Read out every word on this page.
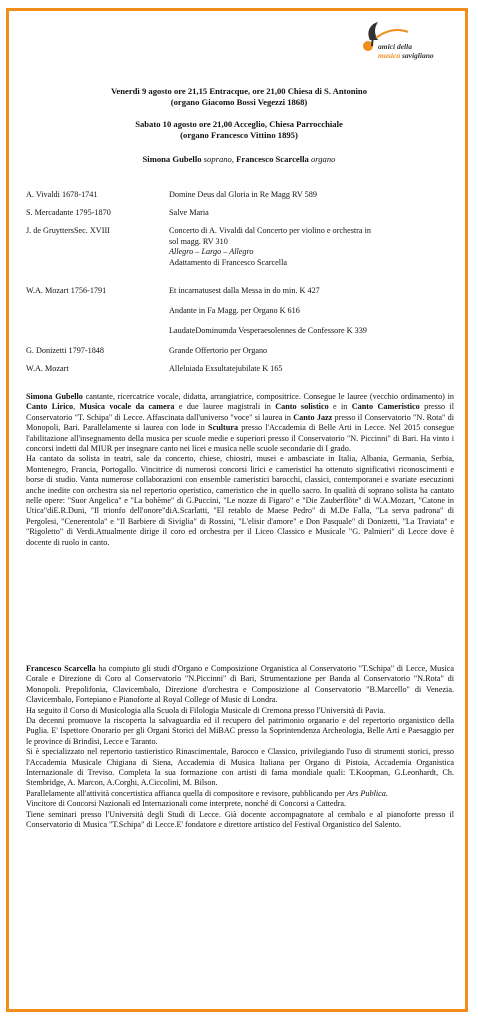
amici della
musica savigliano
Venerdì 9 agosto ore 21,15 Entracque, ore 21,00 Chiesa di S. Antonino
(organo Giacomo Bossi Vegezzi 1868)
Sabato 10 agosto ore 21,00 Acceglio, Chiesa Parrocchiale
(organo Francesco Vittino 1895)
Simona Gubello soprano, Francesco Scarcella organo
A. Vivaldi 1678-1741	Domine Deus dal Gloria in Re Magg RV 589
S. Mercadante 1795-1870	Salve Maria
J. de GruyttersSec. XVIII	Concerto di A. Vivaldi dal Concerto per violino e orchestra in
sol magg. RV 310
Allegro – Largo – Allegro
Adattamento di Francesco Scarcella

W.A. Mozart 1756-1791	Et incarnatusest dalla Messa in do min. K 427
	Andante in Fa Magg. per Organo K 616
	LaudateDominumda Vesperaesolennes de Confessore K 339
G. Donizetti 1797-1848	Grande Offertorio per Organo
W.A. Mozart	Alleluiada Exsultatejubilate K 165

Simona Gubello cantante, ricercatrice vocale, didatta, arrangiatrice, compositrice. Consegue le lauree (vecchio ordinamento) in Canto Lirico, Musica vocale da camera e due lauree magistrali in Canto solistico e in Canto Cameristico presso il Conservatorio "T. Schipa" di Lecce. Affascinata dall'universo "voce" si laurea in Canto Jazz presso il Conservatorio "N. Rota" di Monopoli, Bari. Parallelamente si laurea con lode in Scultura presso l'Accademia di Belle Arti in Lecce. Nel 2015 consegue l'abilitazione all'insegnamento della musica per scuole medie e superiori presso il Conservatorio "N. Piccinni" di Bari. Ha vinto i concorsi indetti dal MIUR per insegnare canto nei licei e musica nelle scuole secondarie di I grado.

Ha cantato da solista in teatri, sale da concerto, chiese, chiostri, musei e ambasciate in Italia, Albania, Germania, Serbia, Montenegro, Francia, Portogallo. Vincitrice di numerosi concorsi lirici e cameristici ha ottenuto significativi riconoscimenti e borse di studio. Vanta numerose collaborazioni con ensemble cameristici barocchi, classici, contemporanei e svariate esecuzioni anche inedite con orchestra sia nel repertorio operistico, cameristico che in quello sacro. In qualità di soprano solista ha cantato nelle opere: "Suor Angelica" e "La bohème" di G.Puccini, "Le nozze di Figaro" e "Die Zauberflöte" di W.A.Mozart, "Catone in Utica"diE.R.Duni, "Il trionfo dell'onore"diA.Scarlatti, "El retablo de Maese Pedro" di M.De Falla, "La serva padrona" di Pergolesi, "Cenerentola" e "Il Barbiere di Siviglia" di Rossini, "L'elisir d'amore" e Don Pasquale" di Donizetti, "La Traviata" e "Rigoletto" di Verdi.Attualmente dirige il coro ed orchestra per il Liceo Classico e Musicale "G. Palmieri" di Lecce dove è docente di ruolo in canto.

Francesco Scarcella ha compiuto gli studi d'Organo e Composizione Organistica al Conservatorio "T.Schipa" di Lecce, Musica Corale e Direzione di Coro al Conservatorio "N.Piccinni" di Bari, Strumentazione per Banda al Conservatorio "N.Rota" di Monopoli. Prepolifonia, Clavicembalo, Direzione d'orchestra e Composizione al Conservatorio "B.Marcello" di Venezia. Clavicembalo, Fortepiano e Pianoforte al Royal College of Music di Londra.

Ha seguito il Corso di Musicologia alla Scuola di Filologia Musicale di Cremona presso l'Università di Pavia.

Da decenni promuove la riscoperta la salvaguardia ed il recupero del patrimonio organario e del repertorio organistico della Puglia. E' Ispettore Onorario per gli Organi Storici del MiBAC presso la Soprintendenza Archeologia, Belle Arti e Paesaggio per le province di Brindisi, Lecce e Taranto.

Si è specializzato nel repertorio tastieristico Rinascimentale, Barocco e Classico, privilegiando l'uso di strumenti storici, presso l'Accademia Musicale Chigiana di Siena, Accademia di Musica Italiana per Organo di Pistoia, Accademia Organistica Internazionale di Treviso. Completa la sua formazione con artisti di fama mondiale quali: T.Koopman, G.Leonhardt, Ch. Stembridge, A. Marcon, A.Corghi, A.Ciccolini, M. Bilson.

Parallelamente all'attività concertistica affianca quella di compositore e revisore, pubblicando per Ars Publica.

Vincitore di Concorsi Nazionali ed Internazionali come interprete, nonché di Concorsi a Cattedra.

Tiene seminari presso l'Università degli Studi di Lecce. Già docente accompagnatore al cembalo e al pianoforte presso il Conservatorio di Musica "T.Schipa" di Lecce.E' fondatore e direttore artistico del Festival Organistico del Salento.
